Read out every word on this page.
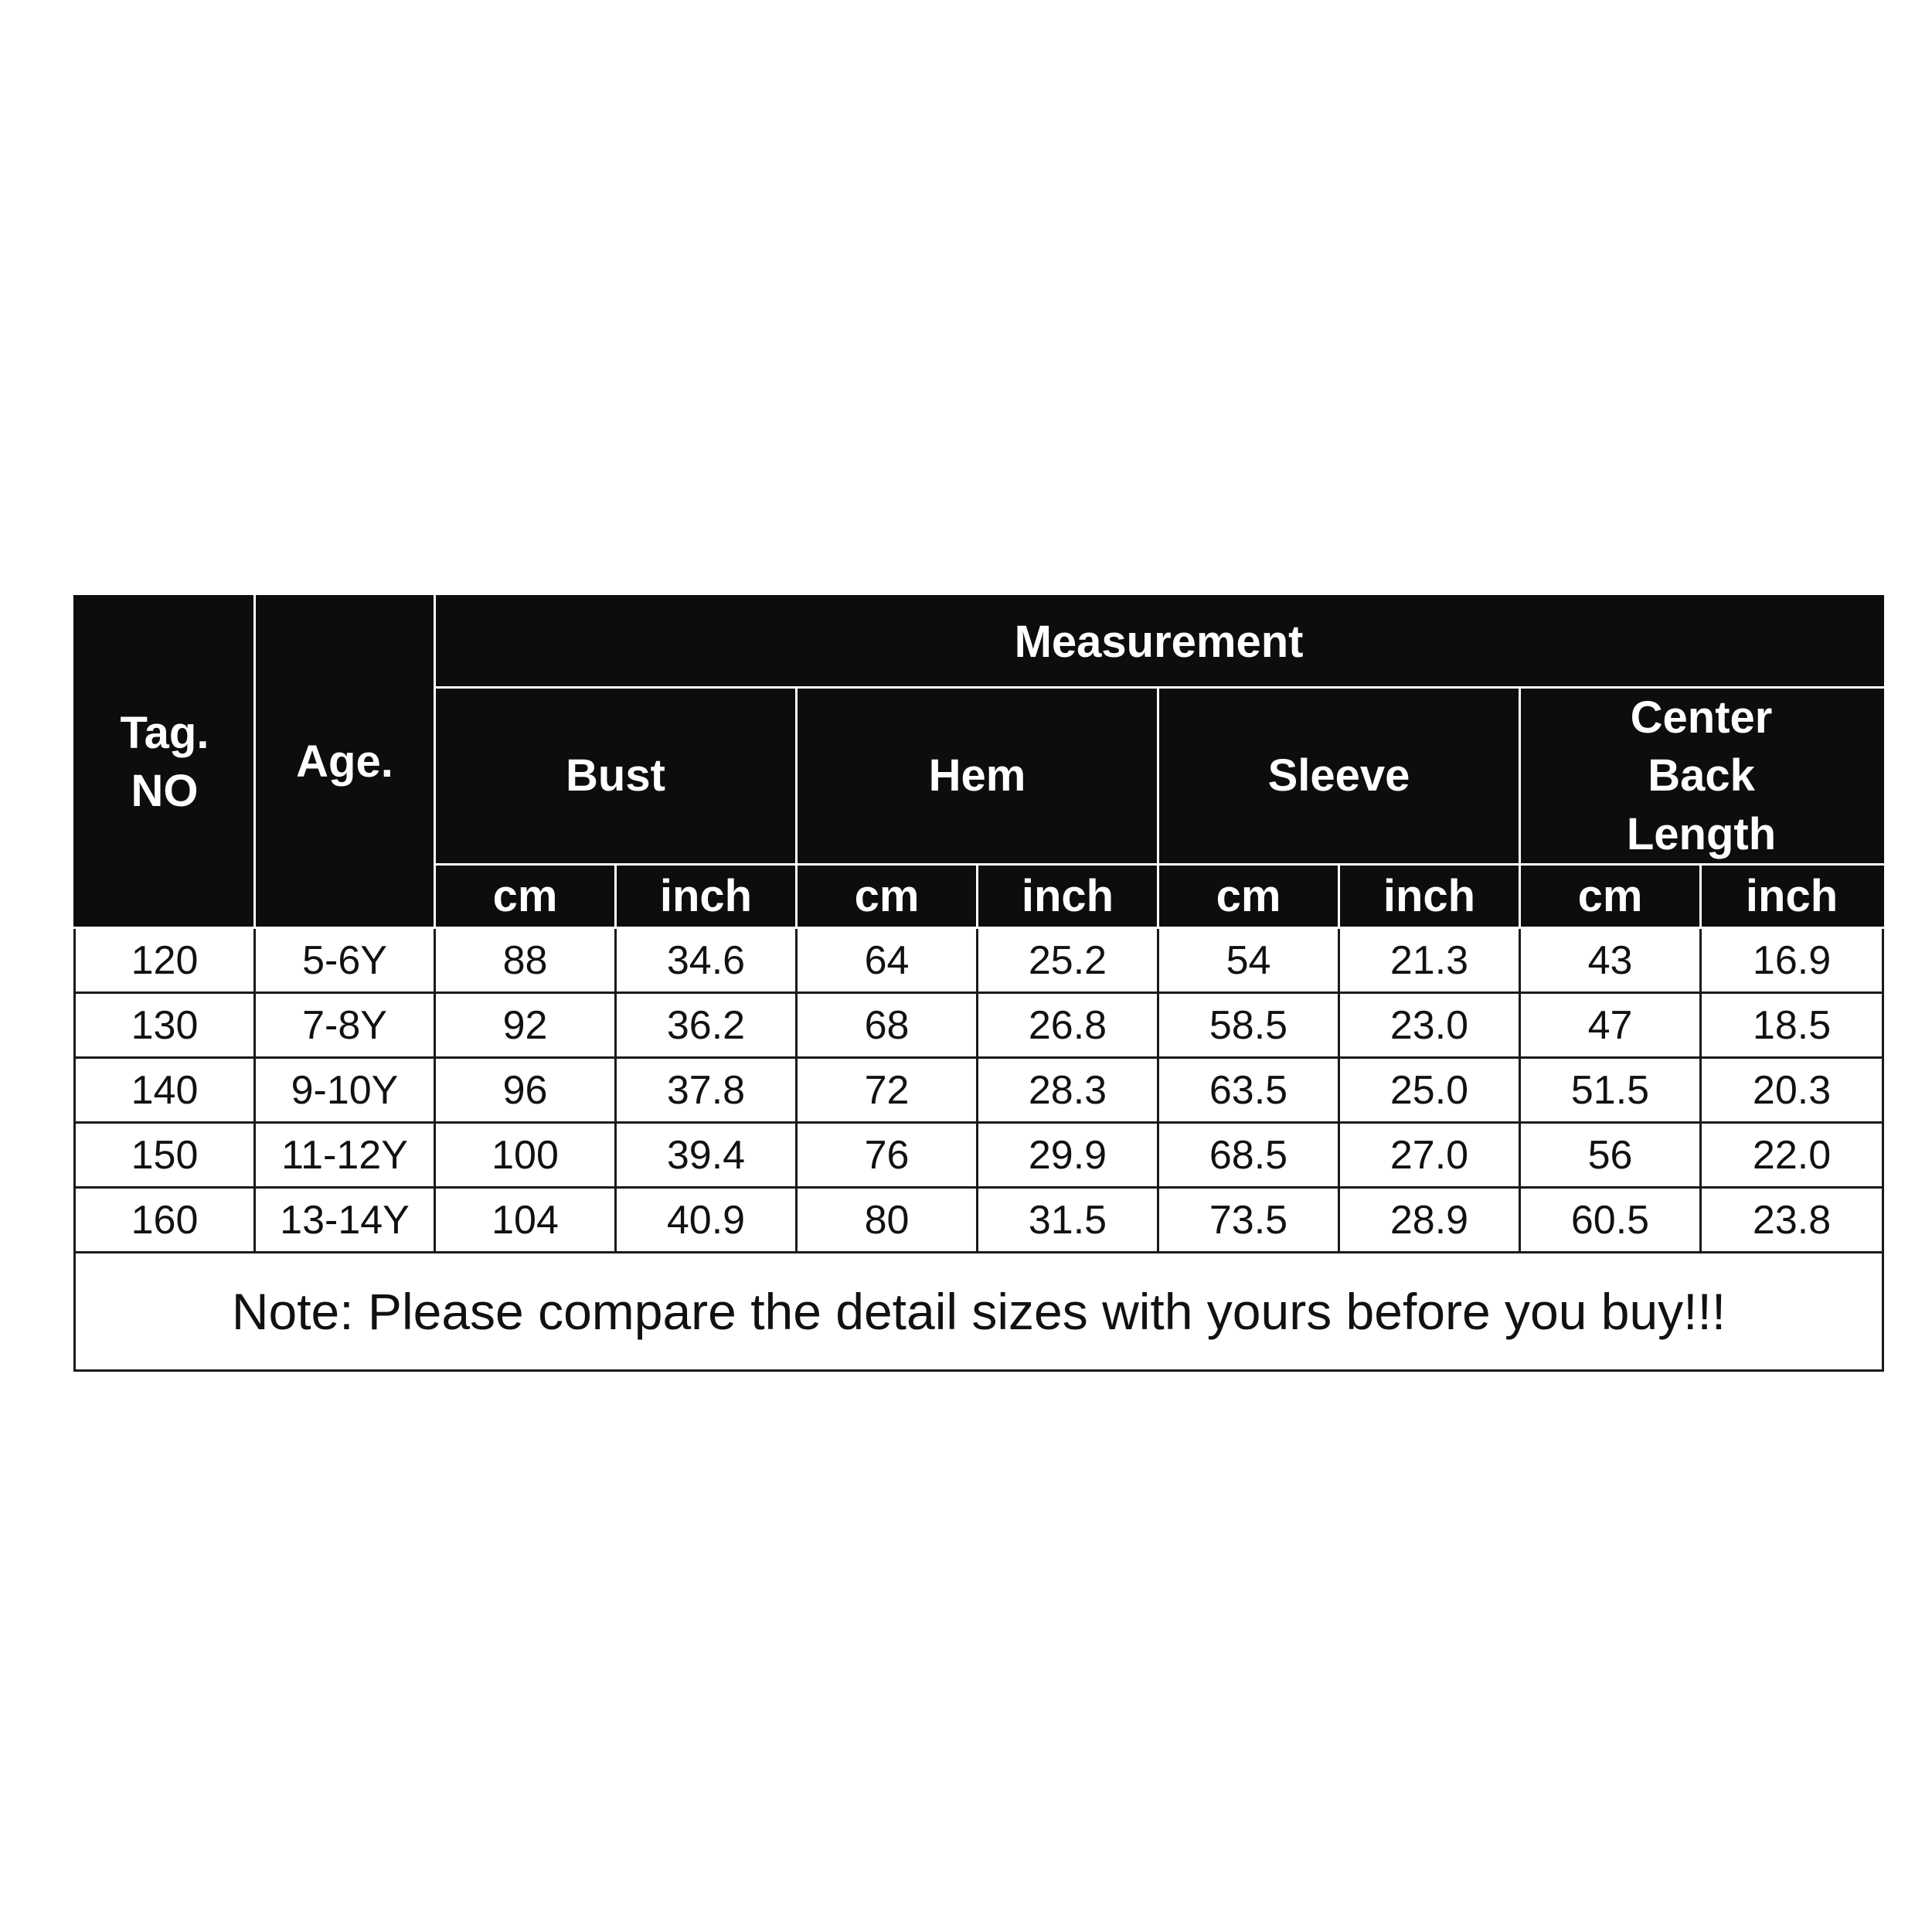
Tag.
NO	Age.	Measurement							
		Bust		Hem		Sleeve		Center Back Length	
		cm	inch	cm	inch	cm	inch	cm	inch
120	5-6Y	88	34.6	64	25.2	54	21.3	43	16.9
130	7-8Y	92	36.2	68	26.8	58.5	23.0	47	18.5
140	9-10Y	96	37.8	72	28.3	63.5	25.0	51.5	20.3
150	11-12Y	100	39.4	76	29.9	68.5	27.0	56	22.0
160	13-14Y	104	40.9	80	31.5	73.5	28.9	60.5	23.8
Note: Please compare the detail sizes with yours before you buy!!!									
